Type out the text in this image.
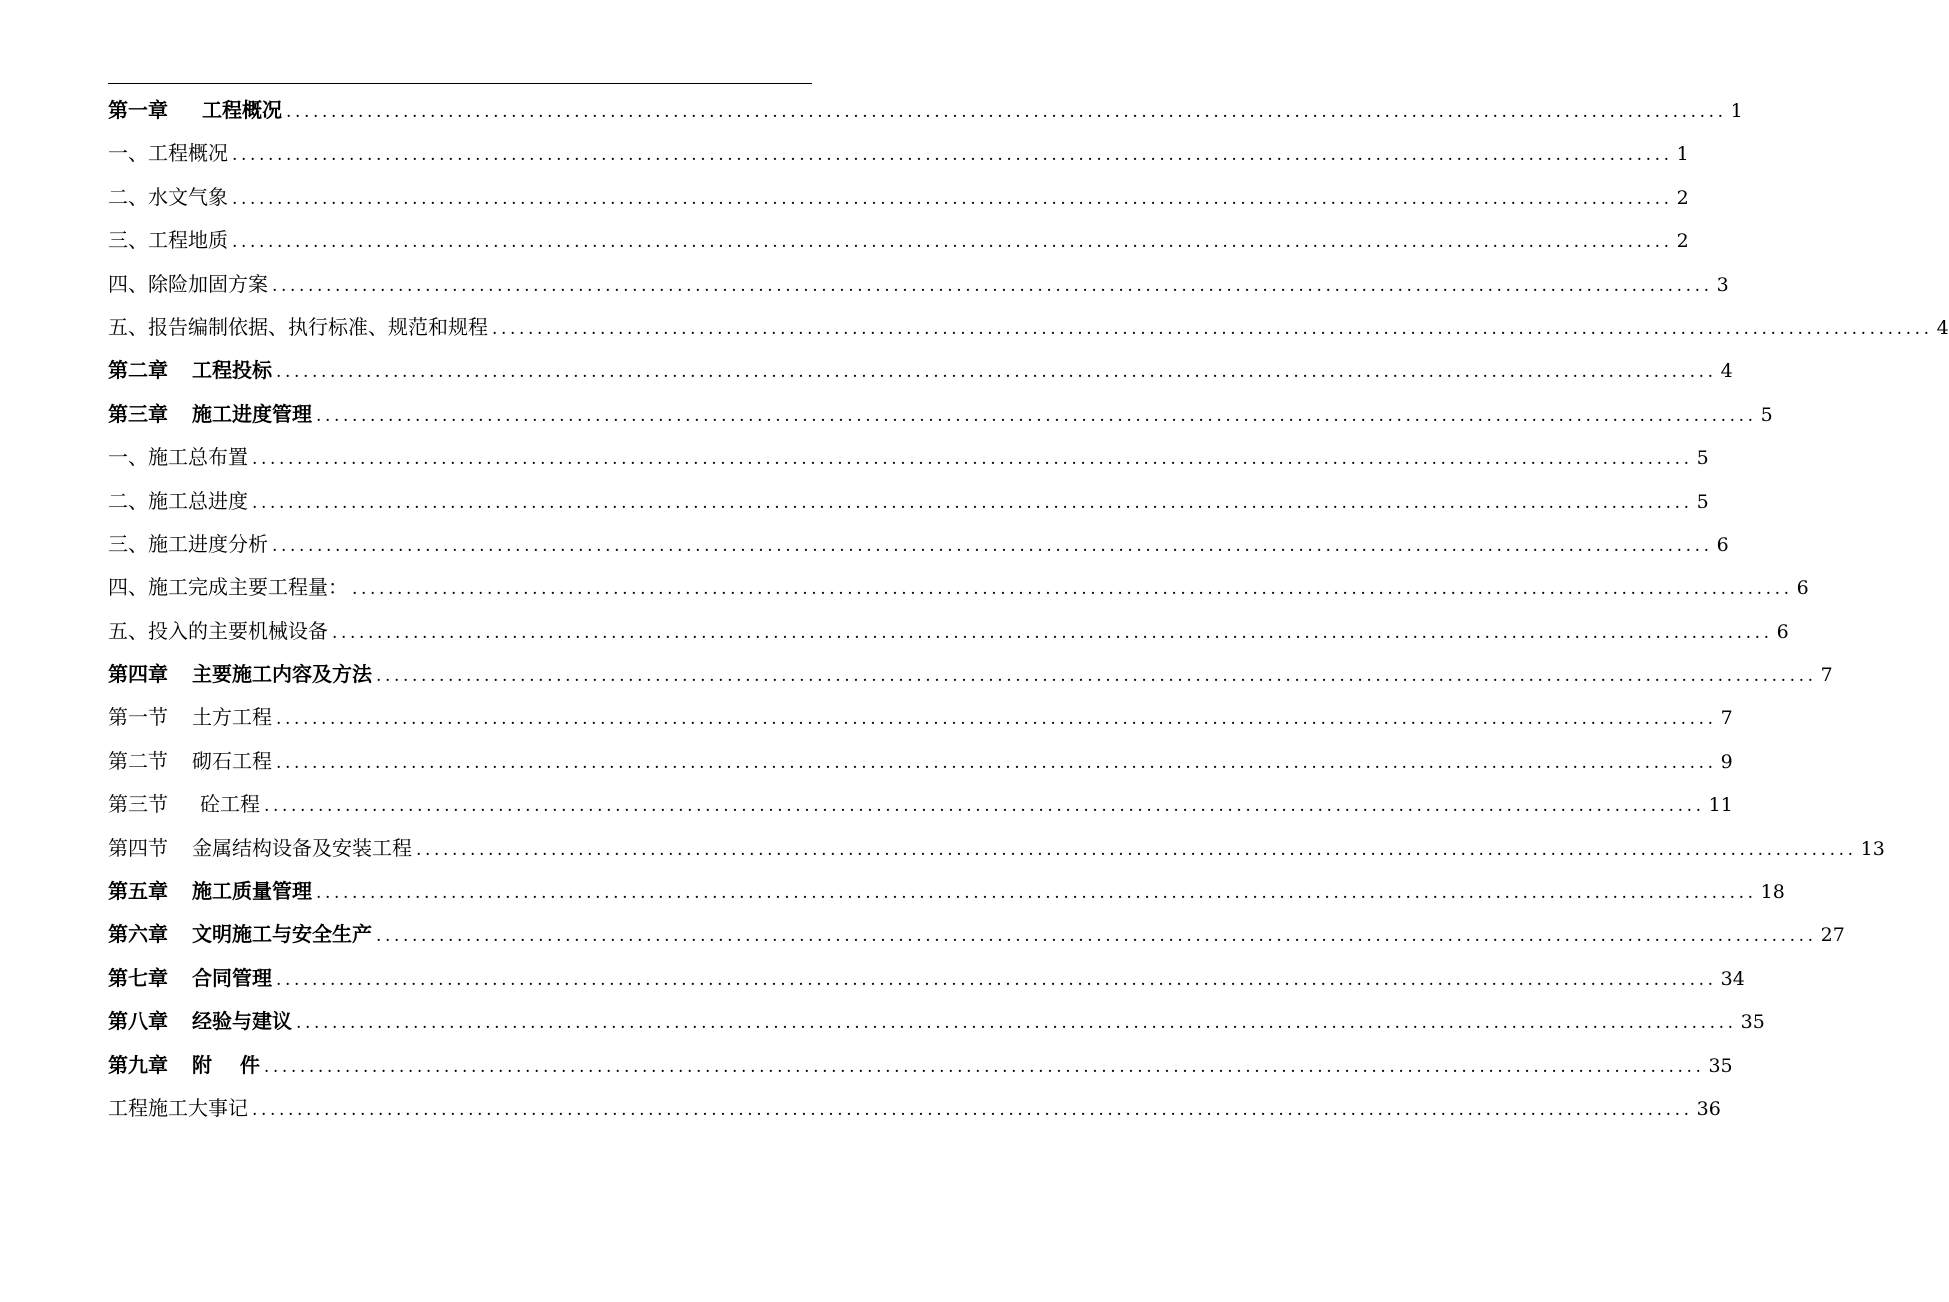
第一章 工程概况 ................................................................................................................................................................ 1
一、 工程概况 ................................................................................................................................................................ 1
二、 水文气象 ................................................................................................................................................................ 2
三、 工程地质 ................................................................................................................................................................ 2
四、 除险加固方案 ................................................................................................................................................................ 3
五、 报告编制依据、执行标准、规范和规程 ................................................................................................................................................................ 4
第二章 工程投标 ................................................................................................................................................................ 4
第三章 施工进度管理 ................................................................................................................................................................ 5
一、 施工总布置 ................................................................................................................................................................ 5
二、 施工总进度 ................................................................................................................................................................ 5
三、 施工进度分析 ................................................................................................................................................................ 6
四、 施工完成主要工程量： ................................................................................................................................................................ 6
五、 投入的主要机械设备 ................................................................................................................................................................ 6
第四章 主要施工内容及方法 ................................................................................................................................................................ 7
第一节 土方工程 ................................................................................................................................................................ 7
第二节 砌石工程 ................................................................................................................................................................ 9
第三节 砼工程 ................................................................................................................................................................ 11
第四节 金属结构设备及安装工程 ................................................................................................................................................................ 13
第五章 施工质量管理 ................................................................................................................................................................ 18
第六章 文明施工与安全生产 ................................................................................................................................................................ 27
第七章 合同管理 ................................................................................................................................................................ 34
第八章 经验与建议 ................................................................................................................................................................ 35
第九章 附    件 ................................................................................................................................................................ 35
工程施工大事记 ................................................................................................................................................................ 36
